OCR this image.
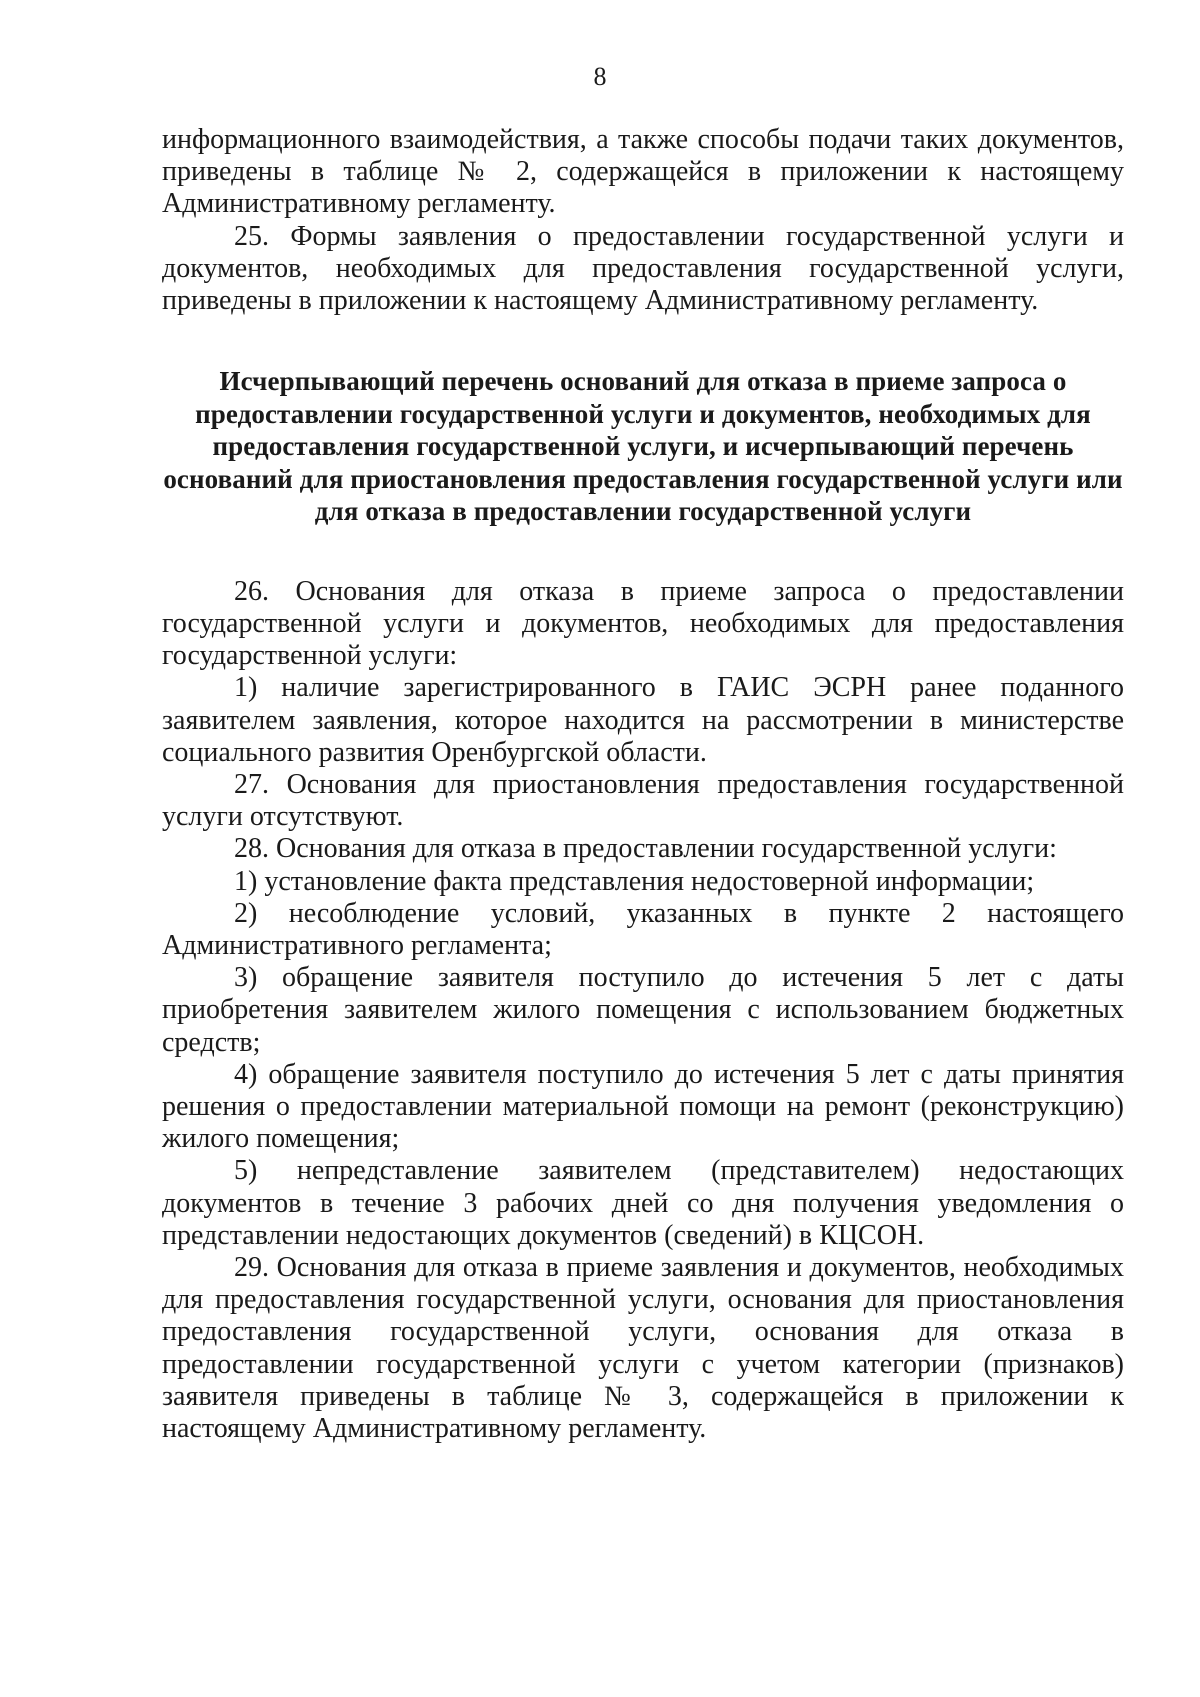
8

информационного взаимодействия, а также способы подачи таких документов, приведены в таблице № 2, содержащейся в приложении к настоящему Административному регламенту.

25. Формы заявления о предоставлении государственной услуги и документов, необходимых для предоставления государственной услуги, приведены в приложении к настоящему Административному регламенту.

Исчерпывающий перечень оснований для отказа в приеме запроса о предоставлении государственной услуги и документов, необходимых для предоставления государственной услуги, и исчерпывающий перечень оснований для приостановления предоставления государственной услуги или для отказа в предоставлении государственной услуги

26. Основания для отказа в приеме запроса о предоставлении государственной услуги и документов, необходимых для предоставления государственной услуги:

1) наличие зарегистрированного в ГАИС ЭСРН ранее поданного заявителем заявления, которое находится на рассмотрении в министерстве социального развития Оренбургской области.

27. Основания для приостановления предоставления государственной услуги отсутствуют.

28. Основания для отказа в предоставлении государственной услуги:

1) установление факта представления недостоверной информации;

2) несоблюдение условий, указанных в пункте 2 настоящего Административного регламента;

3) обращение заявителя поступило до истечения 5 лет с даты приобретения заявителем жилого помещения с использованием бюджетных средств;

4) обращение заявителя поступило до истечения 5 лет с даты принятия решения о предоставлении материальной помощи на ремонт (реконструкцию) жилого помещения;

5) непредставление заявителем (представителем) недостающих документов в течение 3 рабочих дней со дня получения уведомления о представлении недостающих документов (сведений) в КЦСОН.

29. Основания для отказа в приеме заявления и документов, необходимых для предоставления государственной услуги, основания для приостановления предоставления государственной услуги, основания для отказа в предоставлении государственной услуги с учетом категории (признаков) заявителя приведены в таблице № 3, содержащейся в приложении к настоящему Административному регламенту.
